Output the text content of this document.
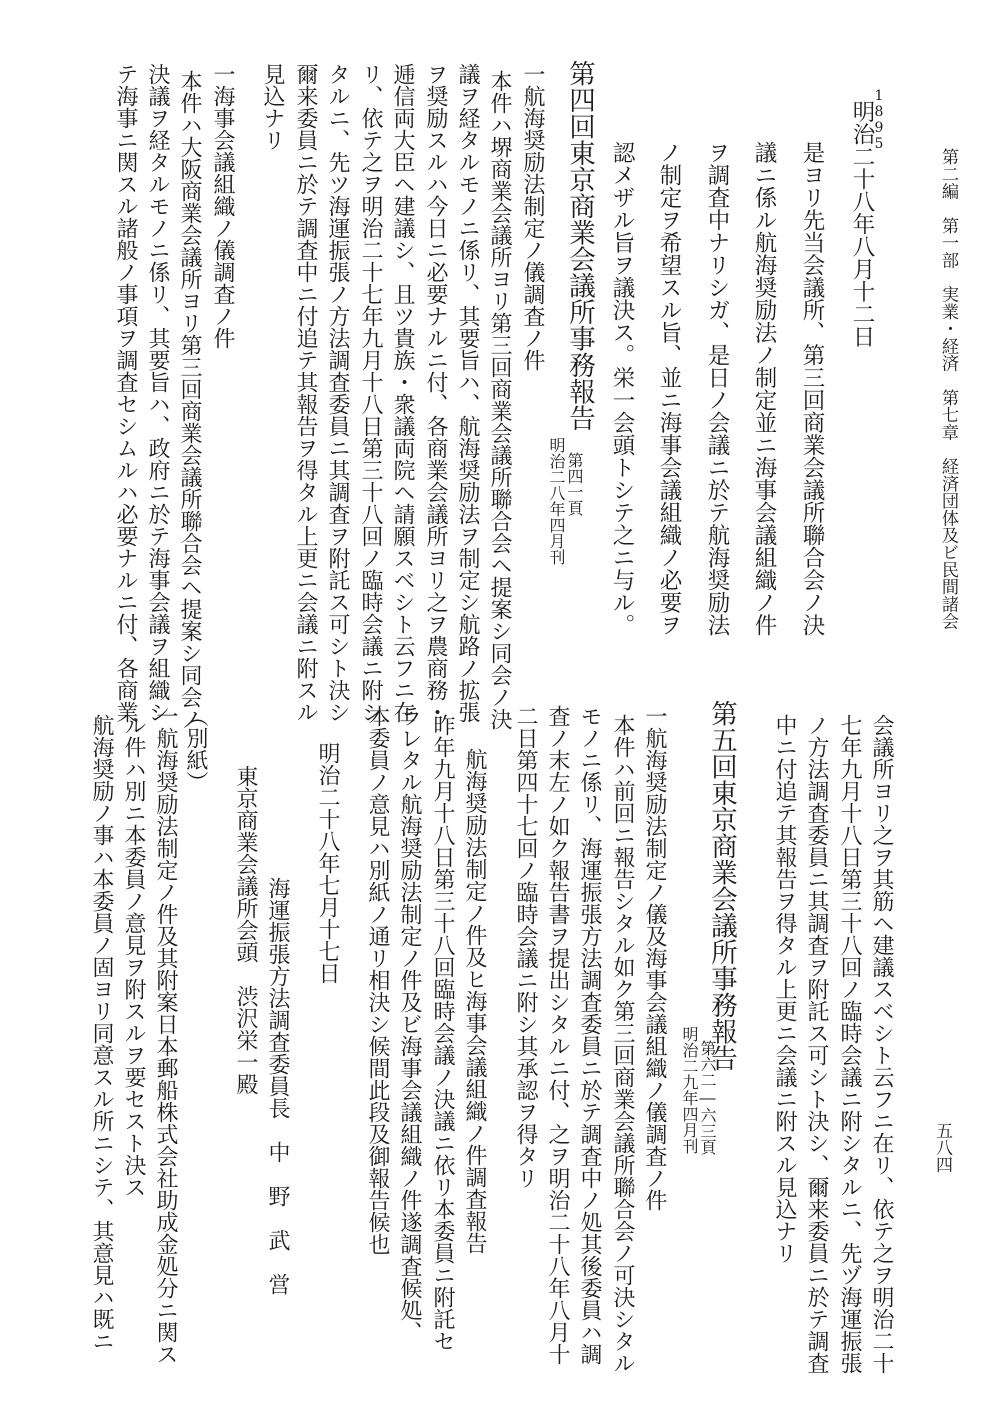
第二編　第一部　実業・経済　第七章　経済団体及ビ民間諸会
五八四
1895
明治二十八年八月十二日
是ヨリ先当会議所、第三回商業会議所聯合会ノ決
議ニ係ル航海奨励法ノ制定並ニ海事会議組織ノ件
ヲ調査中ナリシガ、是日ノ会議ニ於テ航海奨励法
ノ制定ヲ希望スル旨、並ニ海事会議組織ノ必要ヲ
認メザル旨ヲ議決ス。栄一会頭トシテ之ニ与ル。
第四回東京商業会議所事務報告
第四一頁
明治二八年四月刊
一航海奨励法制定ノ儀調査ノ件
本件ハ堺商業会議所ヨリ第三回商業会議所聯合会ヘ提案シ同会ノ決
議ヲ経タルモノニ係リ、其要旨ハ、航海奨励法ヲ制定シ航路ノ拡張
ヲ奨励スルハ今日ニ必要ナルニ付、各商業会議所ヨリ之ヲ農商務・
逓信両大臣ヘ建議シ、且ツ貴族・衆議両院ヘ請願スベシト云フニ在
リ、依テ之ヲ明治二十七年九月十八日第三十八回ノ臨時会議ニ附シ
タルニ、先ツ海運振張ノ方法調査委員ニ其調査ヲ附託ス可シト決シ
爾来委員ニ於テ調査中ニ付追テ其報告ヲ得タル上更ニ会議ニ附スル
見込ナリ
一海事会議組織ノ儀調査ノ件
本件ハ大阪商業会議所ヨリ第三回商業会議所聯合会ヘ提案シ同会ノ
決議ヲ経タルモノニ係リ、其要旨ハ、政府ニ於テ海事会議ヲ組織シ
テ海事ニ関スル諸般ノ事項ヲ調査セシムルハ必要ナルニ付、各商業
会議所ヨリ之ヲ其筋ヘ建議スベシト云フニ在リ、依テ之ヲ明治二十
七年九月十八日第三十八回ノ臨時会議ニ附シタルニ、先ヅ海運振張
ノ方法調査委員ニ其調査ヲ附託ス可シト決シ、爾来委員ニ於テ調査
中ニ付追テ其報告ヲ得タル上更ニ会議ニ附スル見込ナリ
第五回東京商業会議所事務報告
第六二―六三頁
明治二九年四月刊
一航海奨励法制定ノ儀及海事会議組織ノ儀調査ノ件
本件ハ前回ニ報告シタル如ク第三回商業会議所聯合会ノ可決シタル
モノニ係リ、海運振張方法調査委員ニ於テ調査中ノ処其後委員ハ調
査ノ末左ノ如ク報告書ヲ提出シタルニ付、之ヲ明治二十八年八月十
二日第四十七回ノ臨時会議ニ附シ其承認ヲ得タリ
航海奨励法制定ノ件及ヒ海事会議組織ノ件調査報告
昨年九月十八日第三十八回臨時会議ノ決議ニ依リ本委員ニ附託セ
ラレタル航海奨励法制定ノ件及ビ海事会議組織ノ件遂調査候処、
本委員ノ意見ハ別紙ノ通リ相決シ候間此段及御報告候也
明治二十八年七月十七日
海運振張方法調査委員長　中　野　武　営
東京商業会議所会頭　渋沢栄一殿
（別紙）
一航海奨励法制定ノ件及其附案日本郵船株式会社助成金処分ニ関ス
ル件ハ別ニ本委員ノ意見ヲ附スルヲ要セスト決ス
航海奨励ノ事ハ本委員ノ固ヨリ同意スル所ニシテ、其意見ハ既ニ
